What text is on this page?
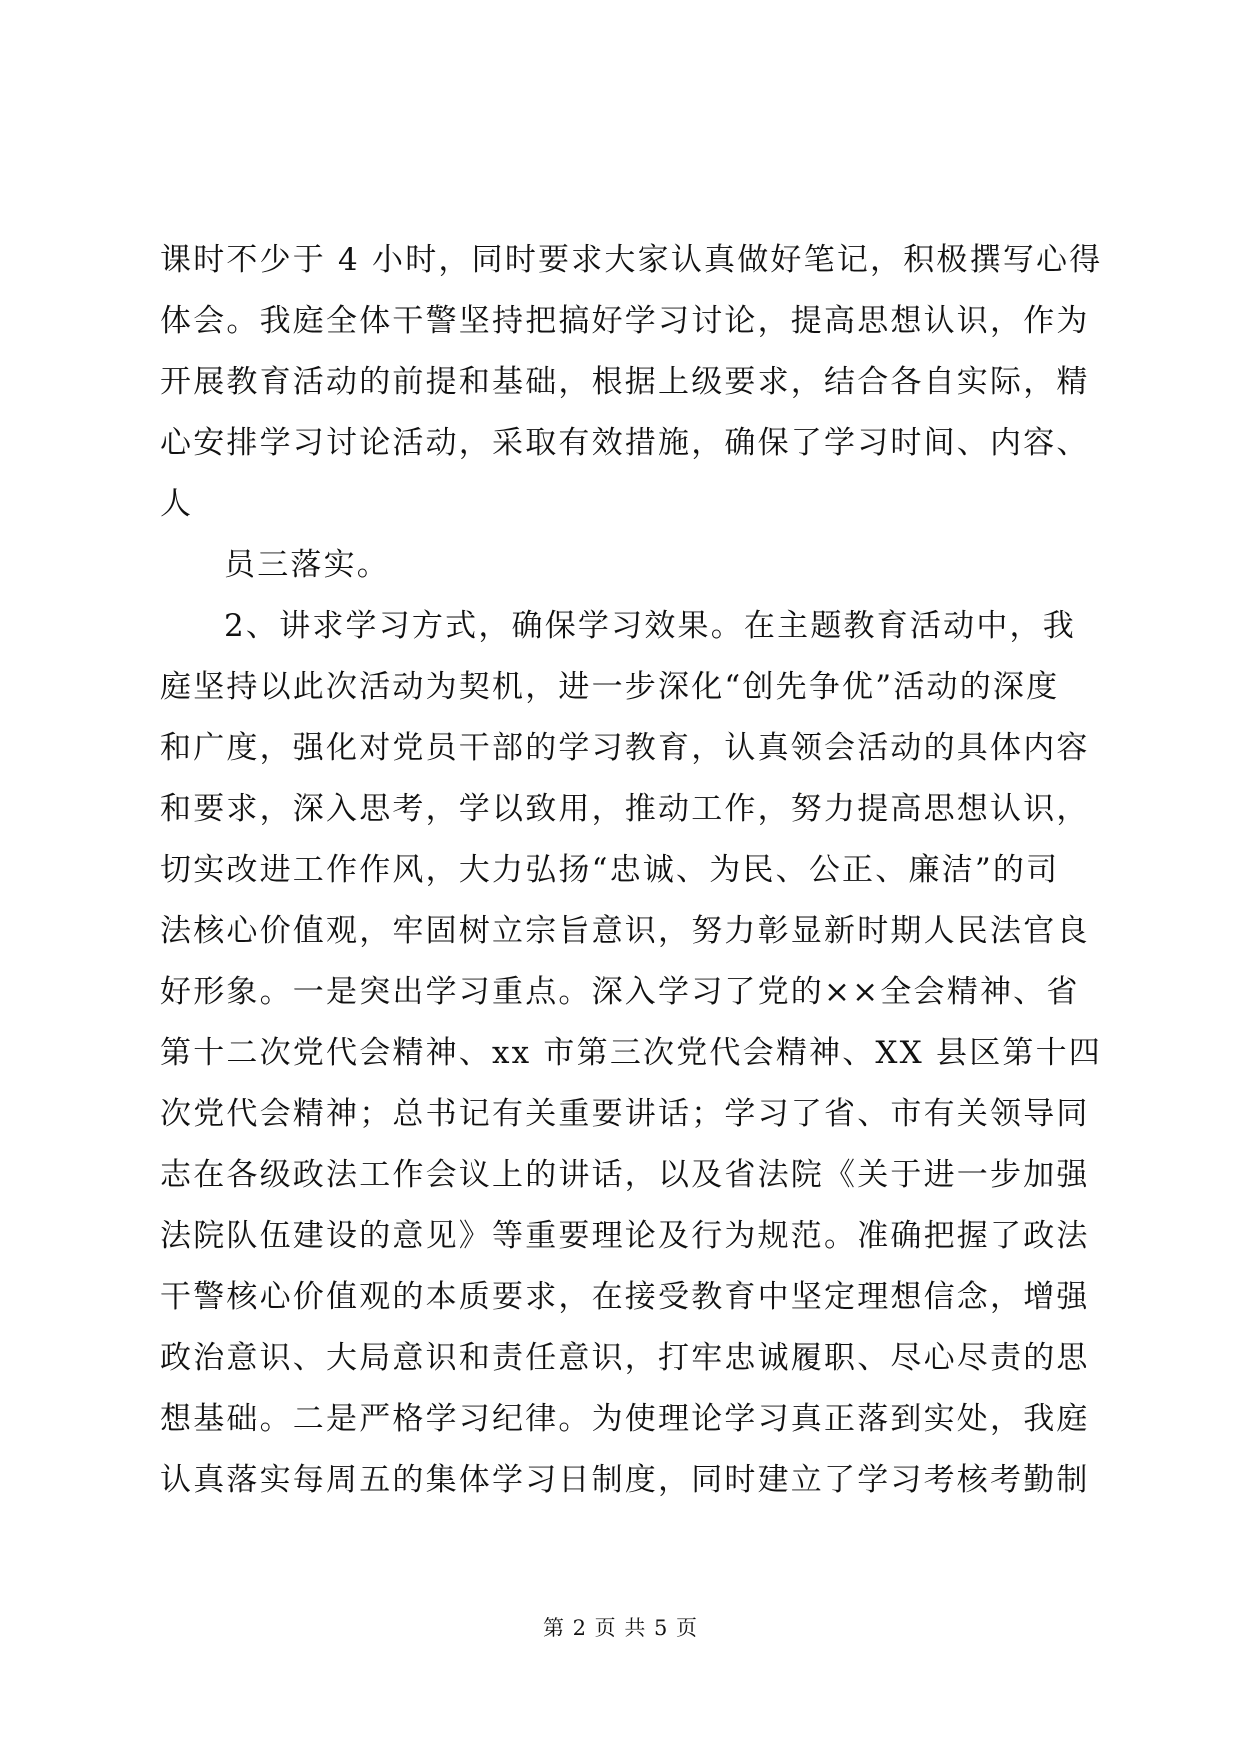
课时不少于 4 小时，同时要求大家认真做好笔记，积极撰写心得
体会。我庭全体干警坚持把搞好学习讨论，提高思想认识，作为
开展教育活动的前提和基础，根据上级要求，结合各自实际，精
心安排学习讨论活动，采取有效措施，确保了学习时间、内容、
人
员三落实。
2、讲求学习方式，确保学习效果。在主题教育活动中，我
庭坚持以此次活动为契机，进一步深化“创先争优”活动的深度
和广度，强化对党员干部的学习教育，认真领会活动的具体内容
和要求，深入思考，学以致用，推动工作，努力提高思想认识，
切实改进工作作风，大力弘扬“忠诚、为民、公正、廉洁”的司
法核心价值观，牢固树立宗旨意识，努力彰显新时期人民法官良
好形象。一是突出学习重点。深入学习了党的××全会精神、省
第十二次党代会精神、xx 市第三次党代会精神、XX 县区第十四
次党代会精神；总书记有关重要讲话；学习了省、市有关领导同
志在各级政法工作会议上的讲话，以及省法院《关于进一步加强
法院队伍建设的意见》等重要理论及行为规范。准确把握了政法
干警核心价值观的本质要求，在接受教育中坚定理想信念，增强
政治意识、大局意识和责任意识，打牢忠诚履职、尽心尽责的思
想基础。二是严格学习纪律。为使理论学习真正落到实处，我庭
认真落实每周五的集体学习日制度，同时建立了学习考核考勤制
第 2 页 共 5 页
